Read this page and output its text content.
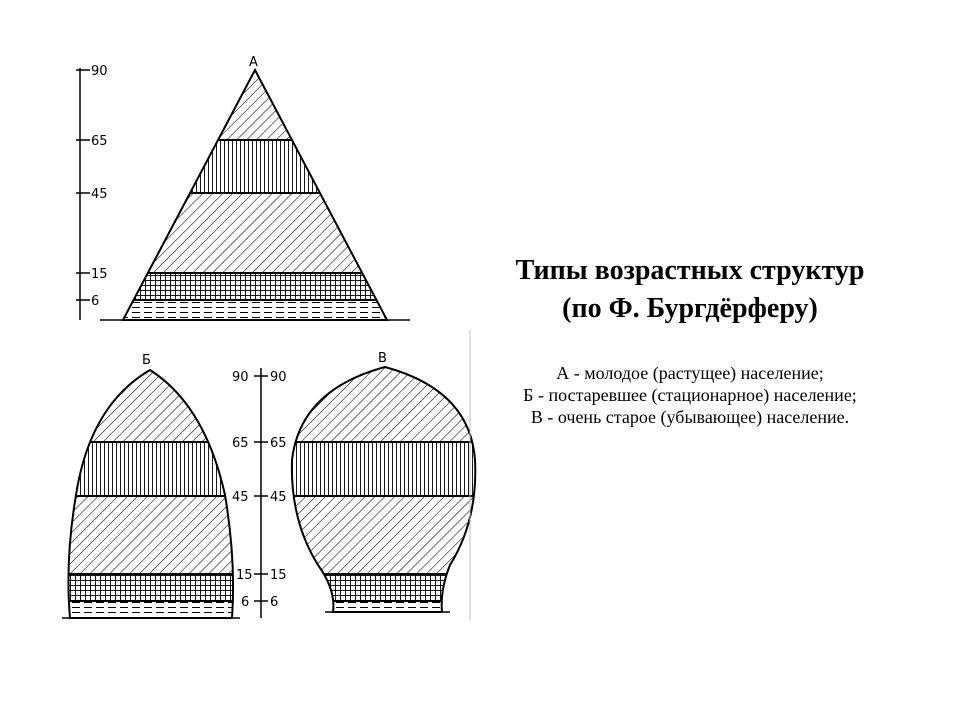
А
90
65
45
15
6
Б
90
65
45
15
6
90
65
45
15
6
В
Типы возрастных структур
(по Ф. Бургдёрферу)
А - молодое (растущее) население;
Б - постаревшее (стационарное) население;
В - очень старое (убывающее) население.
